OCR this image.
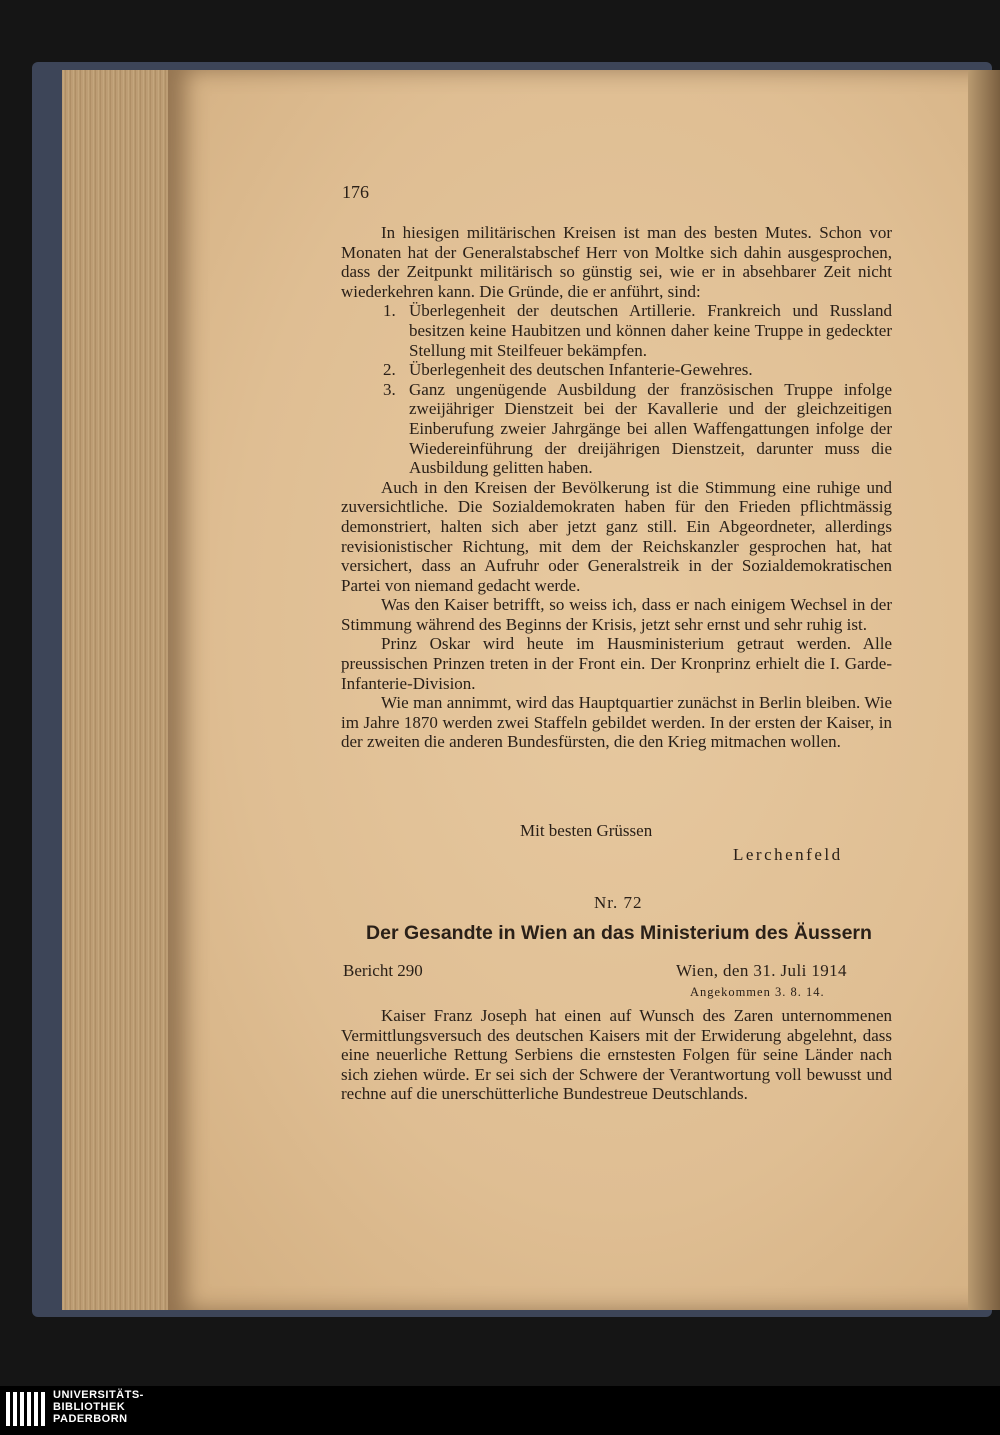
176

In hiesigen militärischen Kreisen ist man des besten Mutes. Schon vor Monaten hat der Generalstabschef Herr von Moltke sich dahin ausgesprochen, dass der Zeitpunkt militärisch so günstig sei, wie er in absehbarer Zeit nicht wiederkehren kann. Die Gründe, die er anführt, sind:

1. Überlegenheit der deutschen Artillerie. Frankreich und Russland besitzen keine Haubitzen und können daher keine Truppe in gedeckter Stellung mit Steilfeuer bekämpfen.
2. Überlegenheit des deutschen Infanterie-Gewehres.
3. Ganz ungenügende Ausbildung der französischen Truppe infolge zweijähriger Dienstzeit bei der Kavallerie und der gleichzeitigen Einberufung zweier Jahrgänge bei allen Waffengattungen infolge der Wiedereinführung der dreijährigen Dienstzeit, darunter muss die Ausbildung gelitten haben.

Auch in den Kreisen der Bevölkerung ist die Stimmung eine ruhige und zuversichtliche. Die Sozialdemokraten haben für den Frieden pflichtmässig demonstriert, halten sich aber jetzt ganz still. Ein Abgeordneter, allerdings revisionistischer Richtung, mit dem der Reichskanzler gesprochen hat, hat versichert, dass an Aufruhr oder Generalstreik in der Sozialdemokratischen Partei von niemand gedacht werde.

Was den Kaiser betrifft, so weiss ich, dass er nach einigem Wechsel in der Stimmung während des Beginns der Krisis, jetzt sehr ernst und sehr ruhig ist.

Prinz Oskar wird heute im Hausministerium getraut werden. Alle preussischen Prinzen treten in der Front ein. Der Kronprinz erhielt die I. Garde-Infanterie-Division.

Wie man annimmt, wird das Hauptquartier zunächst in Berlin bleiben. Wie im Jahre 1870 werden zwei Staffeln gebildet werden. In der ersten der Kaiser, in der zweiten die anderen Bundesfürsten, die den Krieg mitmachen wollen.

Mit besten Grüssen
Lerchenfeld
Nr. 72
Der Gesandte in Wien an das Ministerium des Äussern
Bericht 290	Wien, den 31. Juli 1914
Angekommen 3. 8. 14.

Kaiser Franz Joseph hat einen auf Wunsch des Zaren unternommenen Vermittlungsversuch des deutschen Kaisers mit der Erwiderung abgelehnt, dass eine neuerliche Rettung Serbiens die ernstesten Folgen für seine Länder nach sich ziehen würde. Er sei sich der Schwere der Verantwortung voll bewusst und rechne auf die unerschütterliche Bundestreue Deutschlands.

UNIVERSITÄTS-
BIBLIOTHEK
PADERBORN
